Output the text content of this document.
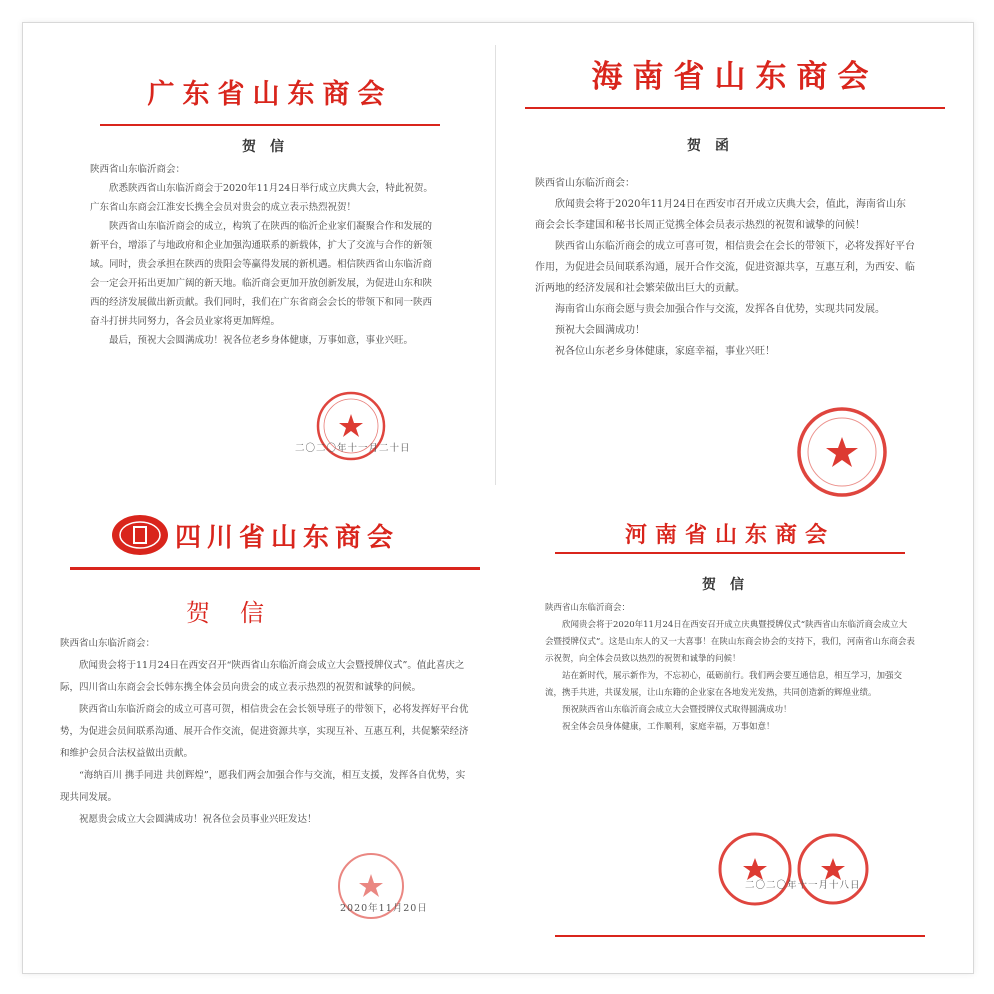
广东省山东商会
贺信

陕西省山东临沂商会：

欣悉陕西省山东临沂商会于2020年11月24日举行成立庆典大会，特此祝贺。广东省山东商会江淮安长携全会员对贵会的成立表示热烈祝贺！

陕西省山东临沂商会的成立，构筑了在陕西的临沂企业家们凝聚合作和发展的新平台，增添了与地政府和企业加强沟通联系的新载体，扩大了交流与合作的新领域。同时，贵会承担在陕西的贵阳会等赢得发展的新机遇。相信陕西省山东临沂商会一定会开拓出更加广阔的新天地。临沂商会更加开放创新发展，为促进山东和陕西的经济发展做出新贡献。我们同时，我们在广东省商会会长的带领下和同一陕西奋斗打拼共同努力，各会员业家将更加辉煌。

最后，预祝大会圆满成功！祝各位老乡身体健康，万事如意，事业兴旺。

二〇二〇年十一月二十日
海南省山东商会
贺函

陕西省山东临沂商会：

欣闻贵会将于2020年11月24日在西安市召开成立庆典大会，值此，海南省山东商会会长李建国和秘书长周正觉携全体会员表示热烈的祝贺和诚挚的问候！

陕西省山东临沂商会的成立可喜可贺，相信贵会在会长的带领下，必将发挥好平台作用，为促进会员间联系沟通，展开合作交流，促进资源共享，互惠互利，为西安、临沂两地的经济发展和社会繁荣做出巨大的贡献。

海南省山东商会愿与贵会加强合作与交流，发挥各自优势，实现共同发展。

预祝大会圆满成功！

祝各位山东老乡身体健康，家庭幸福，事业兴旺！

四川省山东商会
贺信

陕西省山东临沂商会：

欣闻贵会将于11月24日在西安召开“陕西省山东临沂商会成立大会暨授牌仪式”。值此喜庆之际，四川省山东商会会长韩东携全体会员向贵会的成立表示热烈的祝贺和诚挚的问候。

陕西省山东临沂商会的成立可喜可贺，相信贵会在会长领导班子的带领下，必将发挥好平台优势，为促进会员间联系沟通、展开合作交流，促进资源共享，实现互补、互惠互利，共促繁荣经济和维护会员合法权益做出贡献。

“海纳百川 携手同进 共创辉煌”，愿我们两会加强合作与交流，相互支援，发挥各自优势，实现共同发展。

祝愿贵会成立大会圆满成功！祝各位会员事业兴旺发达！

2020年11月20日
河南省山东商会
贺信

陕西省山东临沂商会：

欣闻贵会将于2020年11月24日在西安召开成立庆典暨授牌仪式“陕西省山东临沂商会成立大会暨授牌仪式”。这是山东人的又一大喜事！在陕山东商会协会的支持下，我们，河南省山东商会表示祝贺，向全体会员致以热烈的祝贺和诚挚的问候！

站在新时代，展示新作为，不忘初心，砥砺前行。我们两会要互通信息，相互学习，加强交流，携手共进，共谋发展，让山东籍的企业家在各地发光发热，共同创造新的辉煌业绩。

预祝陕西省山东临沂商会成立大会暨授牌仪式取得圆满成功！

祝全体会员身体健康，工作顺利，家庭幸福，万事如意！

二〇二〇年十一月十八日
